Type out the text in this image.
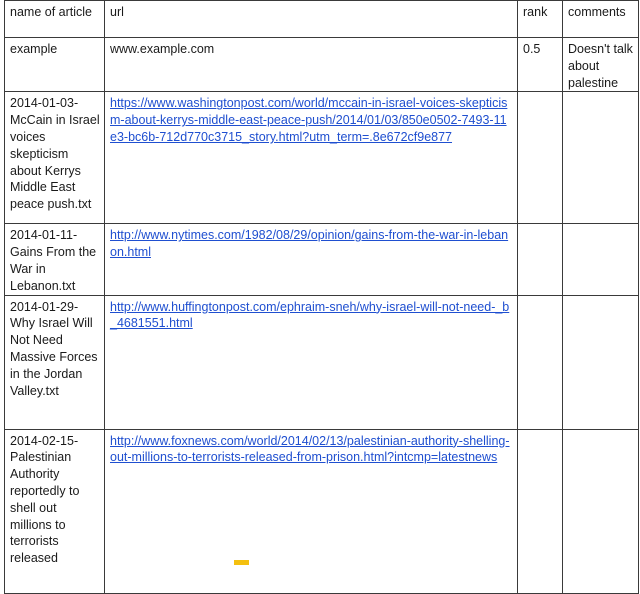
name of article	url	rank	comments
example	www.example.com	0.5	Doesn't talk about palestine
2014-01-03-McCain in Israel voices skepticism about Kerrys Middle East peace push.txt	https://www.washingtonpost.com/world/mccain-in-israel-voices-skepticism-about-kerrys-middle-east-peace-push/2014/01/03/850e0502-7493-11e3-bc6b-712d770c3715_story.html?utm_term=.8e672cf9e877		
2014-01-11-Gains From the War in Lebanon.txt	http://www.nytimes.com/1982/08/29/opinion/gains-from-the-war-in-lebanon.html		
2014-01-29-Why Israel Will Not Need Massive Forces in the Jordan Valley.txt	http://www.huffingtonpost.com/ephraim-sneh/why-israel-will-not-need-_b_4681551.html		
2014-02-15-Palestinian Authority reportedly to shell out millions to terrorists released	http://www.foxnews.com/world/2014/02/13/palestinian-authority-shelling-out-millions-to-terrorists-released-from-prison.html?intcmp=latestnews		
